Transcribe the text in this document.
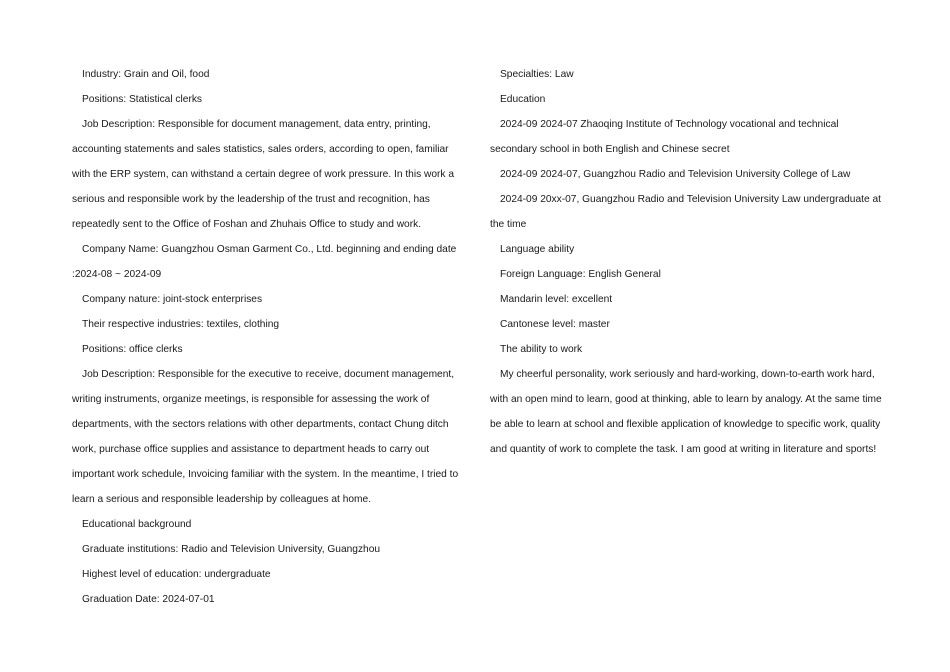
Industry: Grain and Oil, food

Positions: Statistical clerks

Job Description: Responsible for document management, data entry, printing, accounting statements and sales statistics, sales orders, according to open, familiar with the ERP system, can withstand a certain degree of work pressure. In this work a serious and responsible work by the leadership of the trust and recognition, has repeatedly sent to the Office of Foshan and Zhuhais Office to study and work.

Company Name: Guangzhou Osman Garment Co., Ltd. beginning and ending date :2024-08 ~ 2024-09

Company nature: joint-stock enterprises

Their respective industries: textiles, clothing

Positions: office clerks

Job Description: Responsible for the executive to receive, document management, writing instruments, organize meetings, is responsible for assessing the work of departments, with the sectors relations with other departments, contact Chung ditch work, purchase office supplies and assistance to department heads to carry out important work schedule, Invoicing familiar with the system. In the meantime, I tried to learn a serious and responsible leadership by colleagues at home.

Educational background

Graduate institutions: Radio and Television University, Guangzhou

Highest level of education: undergraduate

Graduation Date: 2024-07-01

Specialties: Law

Education

2024-09 2024-07 Zhaoqing Institute of Technology vocational and technical secondary school in both English and Chinese secret

2024-09 2024-07, Guangzhou Radio and Television University College of Law

2024-09 20xx-07, Guangzhou Radio and Television University Law undergraduate at the time

Language ability

Foreign Language: English General

Mandarin level: excellent

Cantonese level: master

The ability to work

My cheerful personality, work seriously and hard-working, down-to-earth work hard, with an open mind to learn, good at thinking, able to learn by analogy. At the same time be able to learn at school and flexible application of knowledge to specific work, quality and quantity of work to complete the task. I am good at writing in literature and sports!
